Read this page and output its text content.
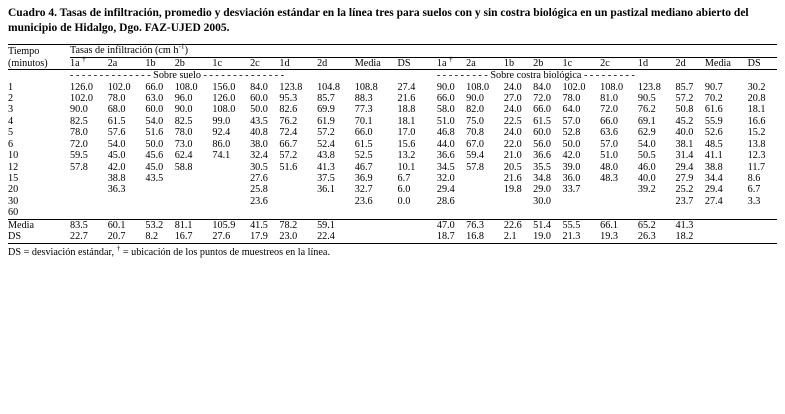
Cuadro 4. Tasas de infiltración, promedio y desviación estándar en la línea tres para suelos con y sin costra biológica en un pastizal mediano abierto del municipio de Hidalgo, Dgo. FAZ-UJED 2005.
Tiempo
(minutos)	Tasas de infiltración (cm $h^{-1}$)																				
	1a †	2a	1b	2b	1c	2c	1d	2d	Media	DS		1a †	2a	1b	2b	1c	2c	1d	2d	Media	DS
	- - - - - - - - - - - - - - Sobre suelo - - - - - - - - - - - - - -											- - - - - - - - - Sobre costra biológica - - - - - - - - -									
1	126.0	102.0	66.0	108.0	156.0	84.0	123.8	104.8	108.8	27.4		90.0	108.0	24.0	84.0	102.0	108.0	123.8	85.7	90.7	30.2
2	102.0	78.0	63.0	96.0	126.0	60.0	95.3	85.7	88.3	21.6		66.0	90.0	27.0	72.0	78.0	81.0	90.5	57.2	70.2	20.8
3	90.0	68.0	60.0	90.0	108.0	50.0	82.6	69.9	77.3	18.8		58.0	82.0	24.0	66.0	64.0	72.0	76.2	50.8	61.6	18.1
4	82.5	61.5	54.0	82.5	99.0	43.5	76.2	61.9	70.1	18.1		51.0	75.0	22.5	61.5	57.0	66.0	69.1	45.2	55.9	16.6
5	78.0	57.6	51.6	78.0	92.4	40.8	72.4	57.2	66.0	17.0		46.8	70.8	24.0	60.0	52.8	63.6	62.9	40.0	52.6	15.2
6	72.0	54.0	50.0	73.0	86.0	38.0	66.7	52.4	61.5	15.6		44.0	67.0	22.0	56.0	50.0	57.0	54.0	38.1	48.5	13.8
10	59.5	45.0	45.6	62.4	74.1	32.4	57.2	43.8	52.5	13.2		36.6	59.4	21.0	36.6	42.0	51.0	50.5	31.4	41.1	12.3
12	57.8	42.0	45.0	58.8		30.5	51.6	41.3	46.7	10.1		34.5	57.8	20.5	35.5	39.0	48.0	46.0	29.4	38.8	11.7
15		38.8	43.5			27.6		37.5	36.9	6.7		32.0		21.6	34.8	36.0	48.3	40.0	27.9	34.4	8.6
20		36.3				25.8		36.1	32.7	6.0		29.4		19.8	29.0	33.7		39.2	25.2	29.4	6.7
30						23.6			23.6	0.0		28.6			30.0				23.7	27.4	3.3
60																					
Media	83.5	60.1	53.2	81.1	105.9	41.5	78.2	59.1				47.0	76.3	22.6	51.4	55.5	66.1	65.2	41.3		
DS	22.7	20.7	8.2	16.7	27.6	17.9	23.0	22.4				18.7	16.8	2.1	19.0	21.3	19.3	26.3	18.2		
DS = desviación estándar, † = ubicación de los puntos de muestreos en la línea.
